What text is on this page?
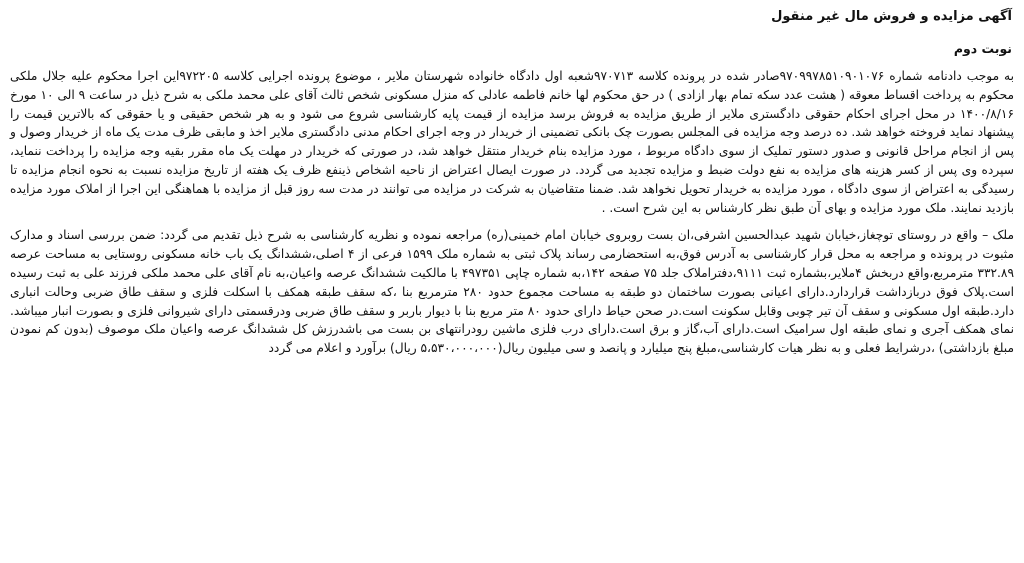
آگهی مزایده و فروش مال غیر منقول
نوبت دوم

به موجب دادنامه شماره ۹۷۰۹۹۷۸۵۱۰۹۰۱۰۷۶صادر شده در پرونده کلاسه ۹۷۰۷۱۳شعبه اول دادگاه خانواده شهرستان ملایر ، موضوع پرونده اجرایی کلاسه ۹۷۲۲۰۵این اجرا محکوم علیه جلال ملکی محکوم به پرداخت اقساط معوقه ( هشت عدد سکه تمام بهار ازادی ) در حق محکوم لها خانم فاطمه عادلی که منزل مسکونی شخص ثالث آقای علی محمد ملکی به شرح ذیل در ساعت ۹ الی ۱۰ مورخ ۱۴۰۰/۸/۱۶ در محل اجرای احکام حقوقی دادگستری ملایر از طریق مزایده به فروش برسد مزایده از قیمت پایه کارشناسی شروع می شود و به هر شخص حقیقی و یا حقوقی که بالاترین قیمت را پیشنهاد نماید فروخته خواهد شد. ده درصد وجه مزایده فی المجلس بصورت چک بانکی تضمینی از خریدار در وجه اجرای احکام مدنی دادگستری ملایر اخذ و مابقی ظرف مدت یک ماه از خریدار وصول و پس از انجام مراحل قانونی و صدور دستور تملیک از سوی دادگاه مربوط ، مورد مزایده بنام خریدار منتقل خواهد شد، در صورتی که خریدار در مهلت یک ماه مقرر بقیه وجه مزایده را پرداخت ننماید، سپرده وی پس از کسر هزینه های مزایده به نفع دولت ضبط و مزایده تجدید می گردد. در صورت ایصال اعتراض از ناحیه اشخاص ذینفع ظرف یک هفته از تاریخ مزایده نسبت به نحوه انجام مزایده تا رسیدگی به اعتراض از سوی دادگاه ، مورد مزایده به خریدار تحویل نخواهد شد. ضمنا متقاضیان به شرکت در مزایده می توانند در مدت سه روز قبل از مزایده با هماهنگی این اجرا از املاک مورد مزایده بازدید نمایند. ملک مورد مزایده و بهای آن طبق نظر کارشناس به این شرح است. .

ملک – واقع در روستای توچغاز،خیابان شهید عبدالحسین اشرفی،ان بست روبروی خیابان امام خمینی(ره) مراجعه نموده و نظریه کارشناسی به شرح ذیل تقدیم می گردد: ضمن بررسی اسناد و مدارک مثبوت در پرونده و مراجعه به محل قرار کارشناسی به آدرس فوق،به استحضارمی رساند پلاک ثبتی به شماره ملک ۱۵۹۹ فرعی از ۴ اصلی،ششدانگ یک باب خانه مسکونی روستایی به مساحت عرصه ۳۳۲.۸۹ مترمربع،واقع دربخش ۴ملایر،بشماره ثبت ۹۱۱۱،دفتراملاک جلد ۷۵ صفحه ۱۴۲،به شماره چاپی ۴۹۷۳۵۱ با مالکیت ششدانگ عرصه واعیان،به نام آقای علی محمد ملکی فرزند علی به ثبت رسیده است.پلاک فوق دربازداشت قراردارد.دارای اعیانی بصورت ساختمان دو طبقه به مساحت مجموع حدود ۲۸۰ مترمربع بنا ،که سقف طبقه همکف با اسکلت فلزی و سقف طاق ضربی وحالت انباری دارد.طبقه اول مسکونی و سقف آن تیر چوبی وقابل سکونت است.در صحن حیاط دارای حدود ۸۰ متر مربع بنا با دیوار باربر و سقف طاق ضربی ودرقسمتی دارای شیروانی فلزی و بصورت انبار میباشد. نمای همکف آجری و نمای طبقه اول سرامیک است.دارای آب،گاز و برق است.دارای درب فلزی ماشین رودرانتهای بن بست می باشدرزش کل ششدانگ عرصه واعیان ملک موصوف (بدون کم نمودن مبلغ بازداشتی) ،درشرایط فعلی و به نظر هیات کارشناسی،مبلغ پنج میلیارد و پانصد و سی میلیون ریال(۵،۵۳۰،۰۰۰،۰۰۰ ریال) برآورد و اعلام می گردد
